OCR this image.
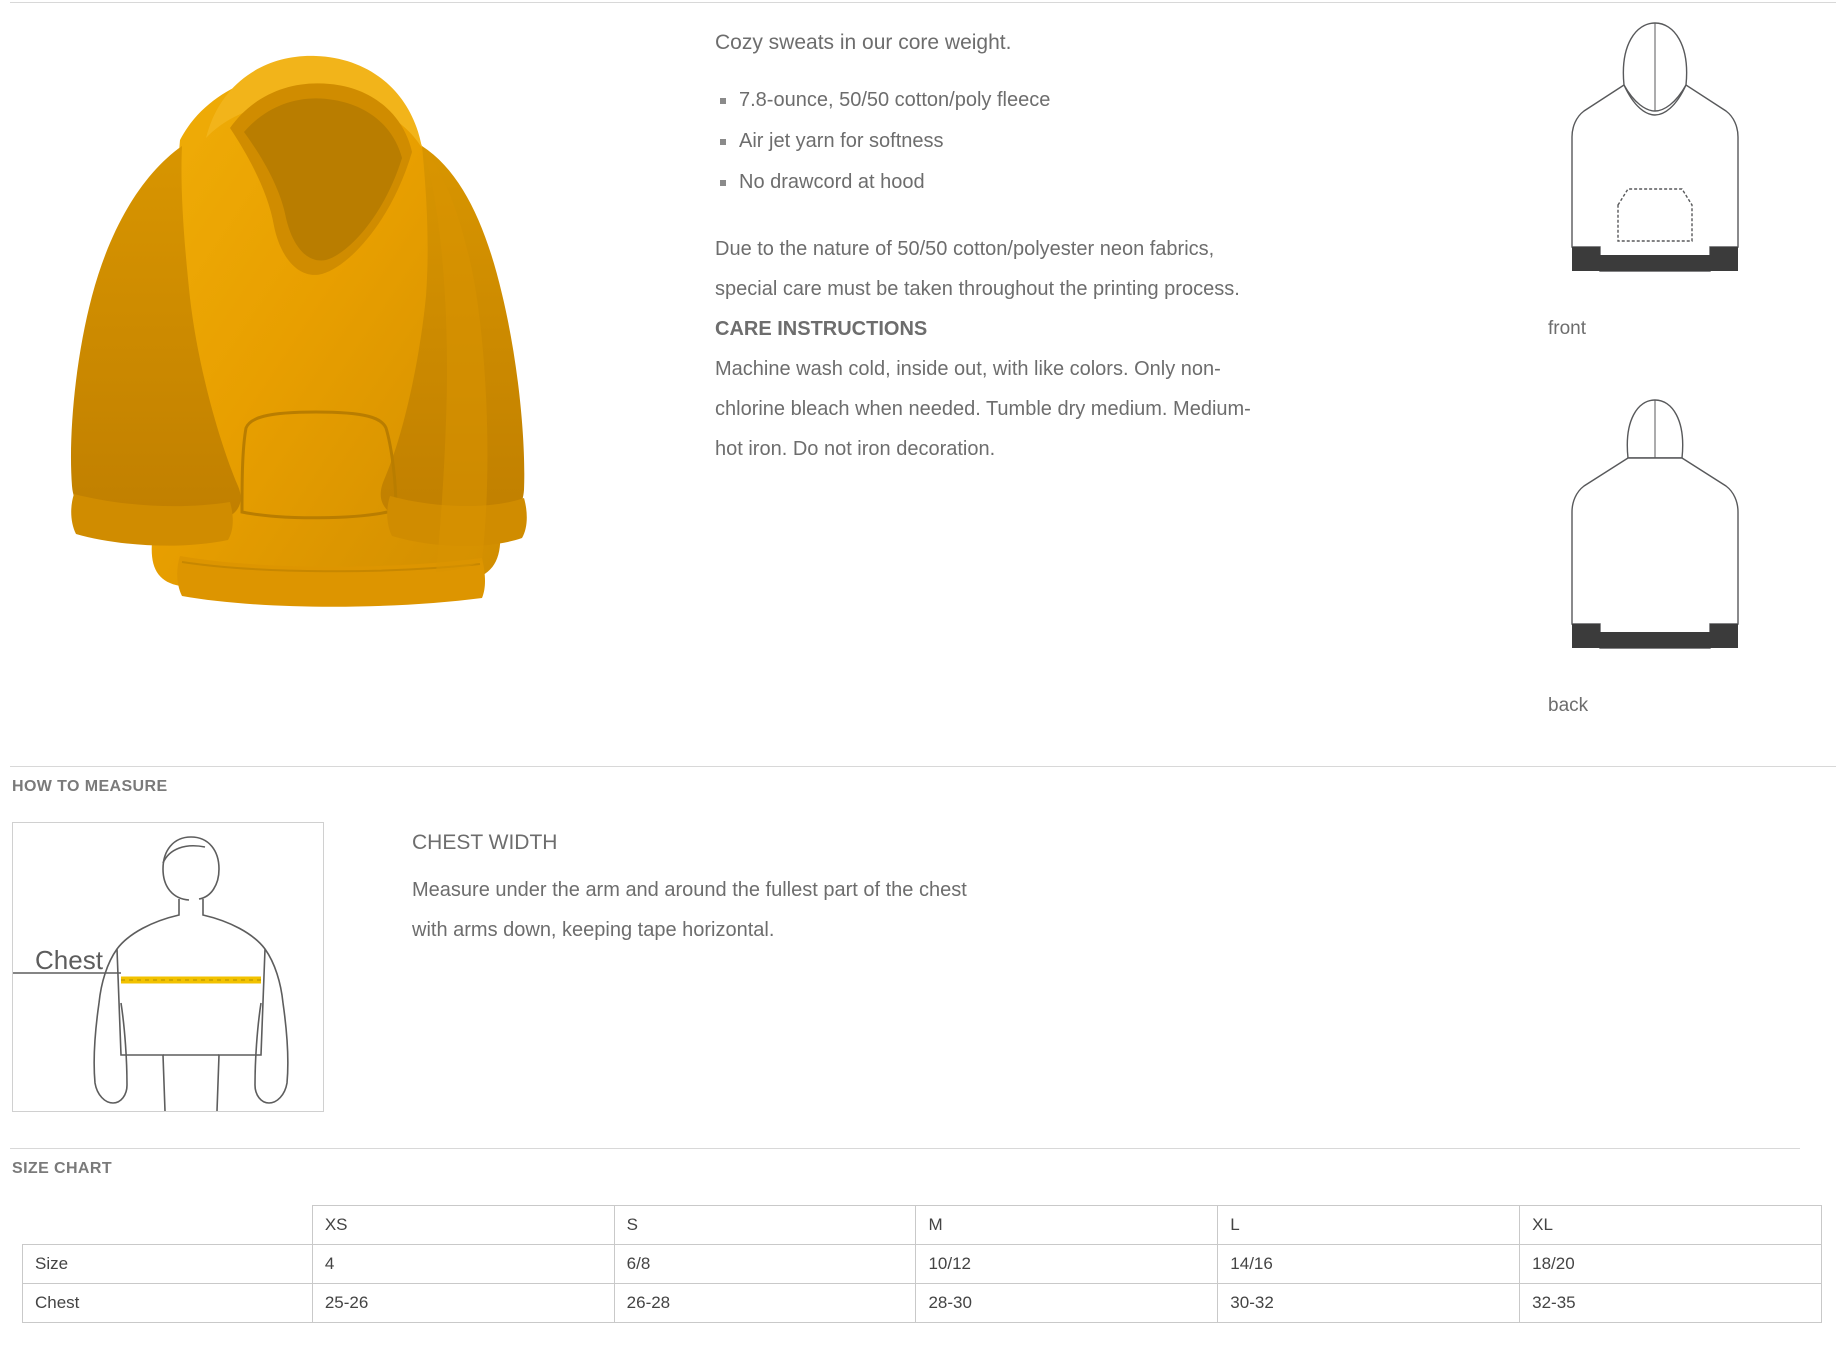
Cozy sweats in our core weight.

7.8-ounce, 50/50 cotton/poly fleece
Air jet yarn for softness
No drawcord at hood

Due to the nature of 50/50 cotton/polyester neon fabrics,

special care must be taken throughout the printing process.

CARE INSTRUCTIONS

Machine wash cold, inside out, with like colors. Only non-

chlorine bleach when needed. Tumble dry medium. Medium-

hot iron. Do not iron decoration.

front
back
HOW TO MEASURE
Chest

CHEST WIDTH

Measure under the arm and around the fullest part of the chest

with arms down, keeping tape horizontal.

SIZE CHART
	XS	S	M	L	XL
Size	4	6/8	10/12	14/16	18/20
Chest	25-26	26-28	28-30	30-32	32-35
